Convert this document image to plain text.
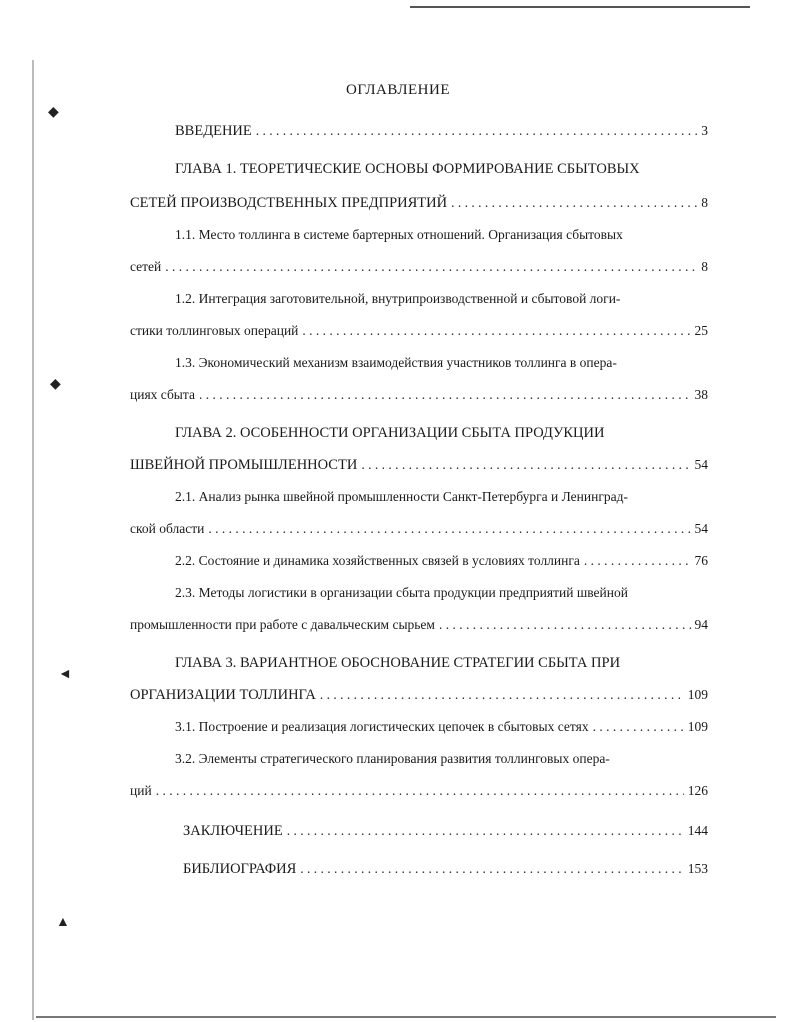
◆
◆
◄
▲
ОГЛАВЛЕНИЕ
ВВЕДЕНИЕ . . .	3
ГЛАВА 1. ТЕОРЕТИЧЕСКИЕ ОСНОВЫ ФОРМИРОВАНИЕ СБЫТОВЫХ
СЕТЕЙ ПРОИЗВОДСТВЕННЫХ ПРЕДПРИЯТИЙ . . .	8
1.1. Место толлинга в системе бартерных отношений. Организация сбытовых
сетей . . .	8
1.2. Интеграция заготовительной, внутрипроизводственной и сбытовой логи-
стики толлинговых операций . . .	25
1.3. Экономический механизм взаимодействия участников толлинга в опера-
циях сбыта . . .	38
ГЛАВА 2. ОСОБЕННОСТИ ОРГАНИЗАЦИИ СБЫТА ПРОДУКЦИИ
ШВЕЙНОЙ ПРОМЫШЛЕННОСТИ . . .	54
2.1. Анализ рынка швейной промышленности Санкт-Петербурга и Ленинград-
ской области . . .	54
2.2. Состояние и динамика хозяйственных связей в условиях толлинга . . .	76
2.3. Методы логистики в организации сбыта продукции предприятий швейной
промышленности при работе с давальческим сырьем . . .	94
ГЛАВА 3. ВАРИАНТНОЕ ОБОСНОВАНИЕ СТРАТЕГИИ СБЫТА ПРИ
ОРГАНИЗАЦИИ ТОЛЛИНГА . . .	109
3.1. Построение и реализация логистических цепочек в сбытовых сетях . . .	109
3.2. Элементы стратегического планирования развития толлинговых опера-
ций . . .	126
ЗАКЛЮЧЕНИЕ . . .	144
БИБЛИОГРАФИЯ . . .	153
